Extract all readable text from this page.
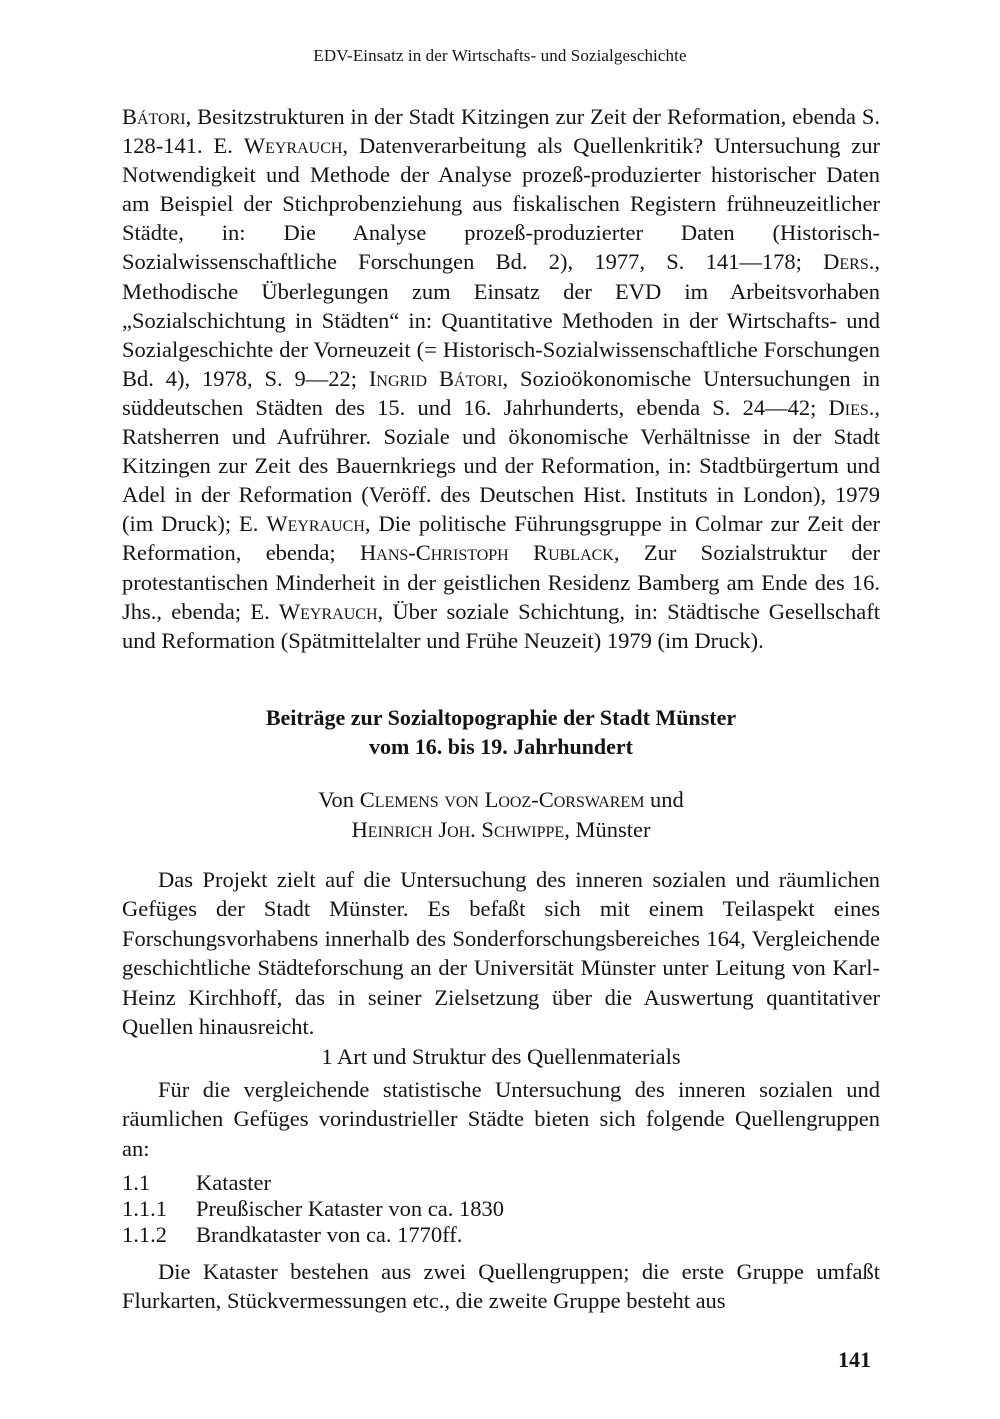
EDV-Einsatz in der Wirtschafts- und Sozialgeschichte

Bátori, Besitzstrukturen in der Stadt Kitzingen zur Zeit der Reformation, ebenda S. 128-141. E. Weyrauch, Datenverarbeitung als Quellenkritik? Untersuchung zur Notwendigkeit und Methode der Analyse prozeß-produzierter historischer Daten am Beispiel der Stichprobenziehung aus fiskalischen Registern frühneuzeitlicher Städte, in: Die Analyse prozeß-produzierter Daten (Historisch-Sozialwissenschaftliche Forschungen Bd. 2), 1977, S. 141—178; Ders., Methodische Überlegungen zum Einsatz der EVD im Arbeitsvorhaben „Sozialschichtung in Städten“ in: Quantitative Methoden in der Wirtschafts- und Sozialgeschichte der Vorneuzeit (= Historisch-Sozialwissenschaftliche Forschungen Bd. 4), 1978, S. 9—22; Ingrid Bátori, Sozioökonomische Untersuchungen in süddeutschen Städten des 15. und 16. Jahrhunderts, ebenda S. 24—42; Dies., Ratsherren und Aufrührer. Soziale und ökonomische Verhältnisse in der Stadt Kitzingen zur Zeit des Bauernkriegs und der Reformation, in: Stadtbürgertum und Adel in der Reformation (Veröff. des Deutschen Hist. Instituts in London), 1979 (im Druck); E. Weyrauch, Die politische Führungsgruppe in Colmar zur Zeit der Reformation, ebenda; Hans-Christoph Rublack, Zur Sozialstruktur der protestantischen Minderheit in der geistlichen Residenz Bamberg am Ende des 16. Jhs., ebenda; E. Weyrauch, Über soziale Schichtung, in: Städtische Gesellschaft und Reformation (Spätmittelalter und Frühe Neuzeit) 1979 (im Druck).

Beiträge zur Sozialtopographie der Stadt Münster
vom 16. bis 19. Jahrhundert
Von Clemens von Looz-Corswarem und
Heinrich Joh. Schwippe, Münster

Das Projekt zielt auf die Untersuchung des inneren sozialen und räumlichen Gefüges der Stadt Münster. Es befaßt sich mit einem Teilaspekt eines Forschungsvorhabens innerhalb des Sonderforschungsbereiches 164, Vergleichende geschichtliche Städteforschung an der Universität Münster unter Leitung von Karl-Heinz Kirchhoff, das in seiner Zielsetzung über die Auswertung quantitativer Quellen hinausreicht.

1 Art und Struktur des Quellenmaterials

Für die vergleichende statistische Untersuchung des inneren sozialen und räumlichen Gefüges vorindustrieller Städte bieten sich folgende Quellengruppen an:

1.1 Kataster
1.1.1 Preußischer Kataster von ca. 1830
1.1.2 Brandkataster von ca. 1770ff.

Die Kataster bestehen aus zwei Quellengruppen; die erste Gruppe umfaßt Flurkarten, Stückvermessungen etc., die zweite Gruppe besteht aus

141
